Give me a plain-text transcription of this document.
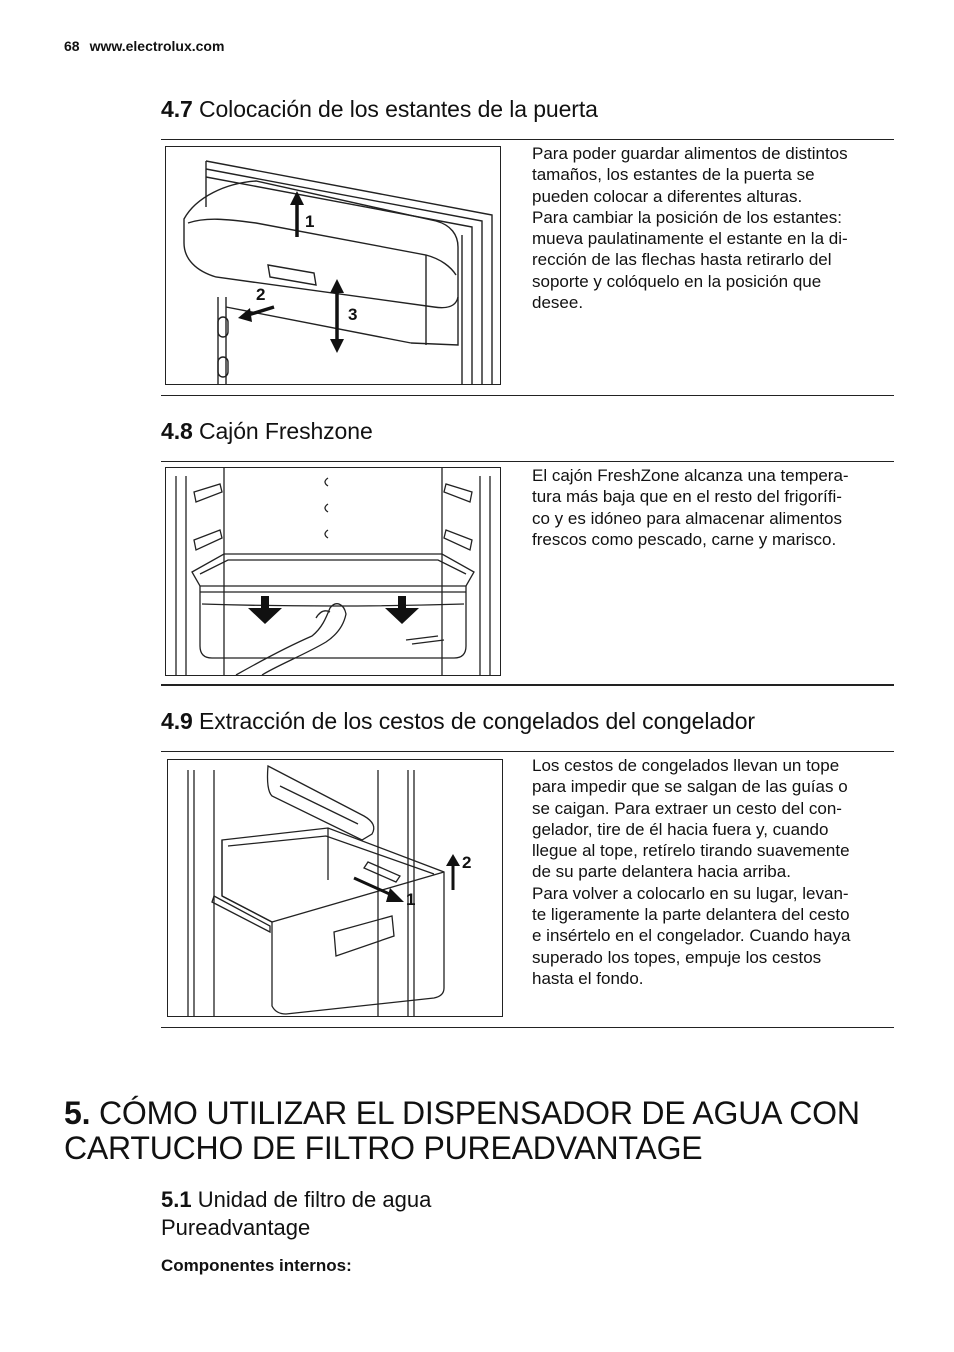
68 www.electrolux.com
4.7 Colocación de los estantes de la puerta
1
2
3
Para poder guardar alimentos de distintos
tamaños, los estantes de la puerta se
pueden colocar a diferentes alturas.
Para cambiar la posición de los estantes:
mueva paulatinamente el estante en la di-
rección de las flechas hasta retirarlo del
soporte y colóquelo en la posición que
desee.
4.8 Cajón Freshzone
El cajón FreshZone alcanza una tempera-
tura más baja que en el resto del frigorífi-
co y es idóneo para almacenar alimentos
frescos como pescado, carne y marisco.
4.9 Extracción de los cestos de congelados del congelador
1
2
Los cestos de congelados llevan un tope
para impedir que se salgan de las guías o
se caigan. Para extraer un cesto del con-
gelador, tire de él hacia fuera y, cuando
llegue al tope, retírelo tirando suavemente
de su parte delantera hacia arriba.
Para volver a colocarlo en su lugar, levan-
te ligeramente la parte delantera del cesto
e insértelo en el congelador. Cuando haya
superado los topes, empuje los cestos
hasta el fondo.
5. CÓMO UTILIZAR EL DISPENSADOR DE AGUA CON CARTUCHO DE FILTRO PUREADVANTAGE
5.1 Unidad de filtro de agua Pureadvantage
Componentes internos:
